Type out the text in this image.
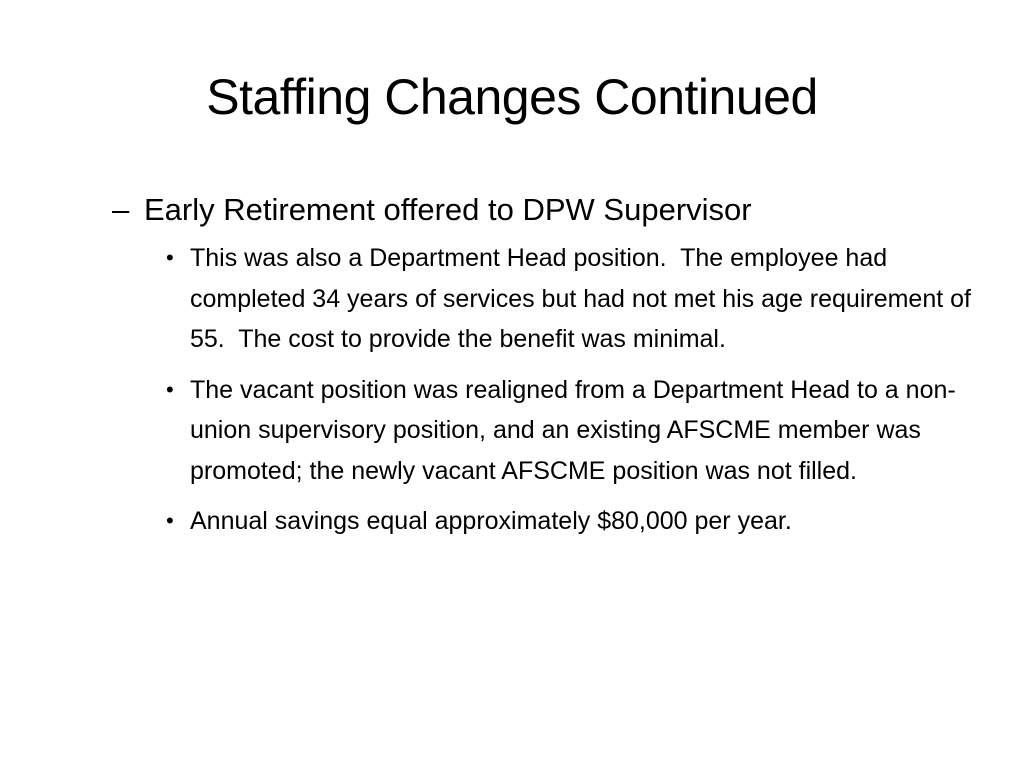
Staffing Changes Continued
– Early Retirement offered to DPW Supervisor
• This was also a Department Head position.  The employee had completed 34 years of services but had not met his age requirement of 55.  The cost to provide the benefit was minimal.
• The vacant position was realigned from a Department Head to a non-union supervisory position, and an existing AFSCME member was promoted; the newly vacant AFSCME position was not filled.
• Annual savings equal approximately $80,000 per year.
